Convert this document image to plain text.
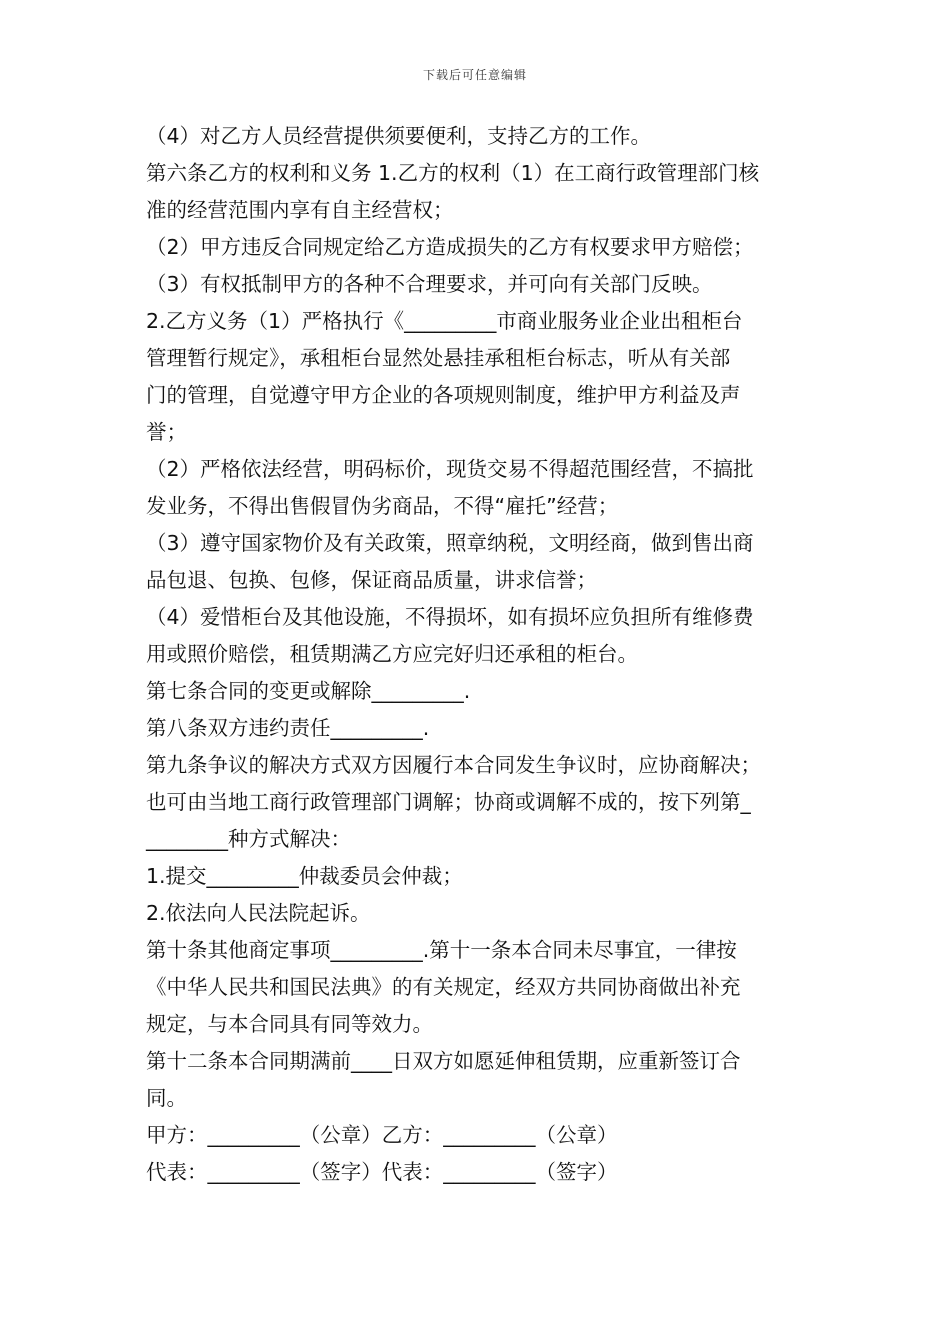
下载后可任意编辑
（4）对乙方人员经营提供须要便利，支持乙方的工作。
第六条乙方的权利和义务 1.乙方的权利（1）在工商行政管理部门核
准的经营范围内享有自主经营权；
（2）甲方违反合同规定给乙方造成损失的乙方有权要求甲方赔偿；
（3）有权抵制甲方的各种不合理要求，并可向有关部门反映。
2.乙方义务（1）严格执行《_________市商业服务业企业出租柜台
管理暂行规定》，承租柜台显然处悬挂承租柜台标志，听从有关部
门的管理，自觉遵守甲方企业的各项规则制度，维护甲方利益及声
誉；
（2）严格依法经营，明码标价，现货交易不得超范围经营，不搞批
发业务，不得出售假冒伪劣商品，不得“雇托”经营；
（3）遵守国家物价及有关政策，照章纳税，文明经商，做到售出商
品包退、包换、包修，保证商品质量，讲求信誉；
（4）爱惜柜台及其他设施，不得损坏，如有损坏应负担所有维修费
用或照价赔偿，租赁期满乙方应完好归还承租的柜台。
第七条合同的变更或解除_________.
第八条双方违约责任_________.
第九条争议的解决方式双方因履行本合同发生争议时，应协商解决；
也可由当地工商行政管理部门调解；协商或调解不成的，按下列第_
________种方式解决：
1.提交_________仲裁委员会仲裁；
2.依法向人民法院起诉。
第十条其他商定事项_________.第十一条本合同未尽事宜，一律按
《中华人民共和国民法典》的有关规定，经双方共同协商做出补充
规定，与本合同具有同等效力。
第十二条本合同期满前____日双方如愿延伸租赁期，应重新签订合
同。
甲方：_________（公章）乙方：_________（公章）
代表：_________（签字）代表：_________（签字）
